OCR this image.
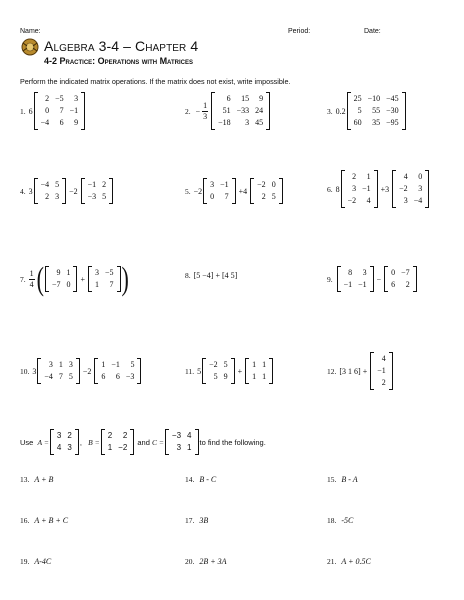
Name:	Period:	Date:
Algebra 3-4 – Chapter 4
4-2 Practice: Operations with Matrices
Perform the indicated matrix operations. If the matrix does not exist, write impossible.
1. 6
2	−5	3
0	7	−1
−4	6	9
2. − $\frac{1}{3}$
6	15	9
51	−33	24
−18	3	45
3. 0.2
25	−10	−45
5	55	−30
60	35	−95
4. 3
−4	5
2	3
−2
−1	2
−3	5
5. −2
3	−1
0	7
+4
−2	0
2	5
6. 8
2	1
3	−1
−2	4
+3
4	0
−2	3
3	−4
7. $\frac{1}{4}$ ( 9	1
−7	0
+
3	−5
1	7 )	8. [5 −4] + [4 5]	9.
8	3
−1	−1
−
0	−7
6	2
10. 3
3	1	3
−4	7	5
−2
1	−1	5
6	6	−3
11. 5
−2	5
5	9
+
1	1
1	1
12. [3 1 6] +
4
−1
2
Use
A =
3	2
4	3
, B =
2	2
1	−2

and
C =
−3	4
3	1
to find the following.
13.
A + B	14.
B - C	15.
B - A
16.
A + B + C	17.
3B	18.
-5C
19.
A-4C	20.
2B + 3A	21.
A + 0.5C
